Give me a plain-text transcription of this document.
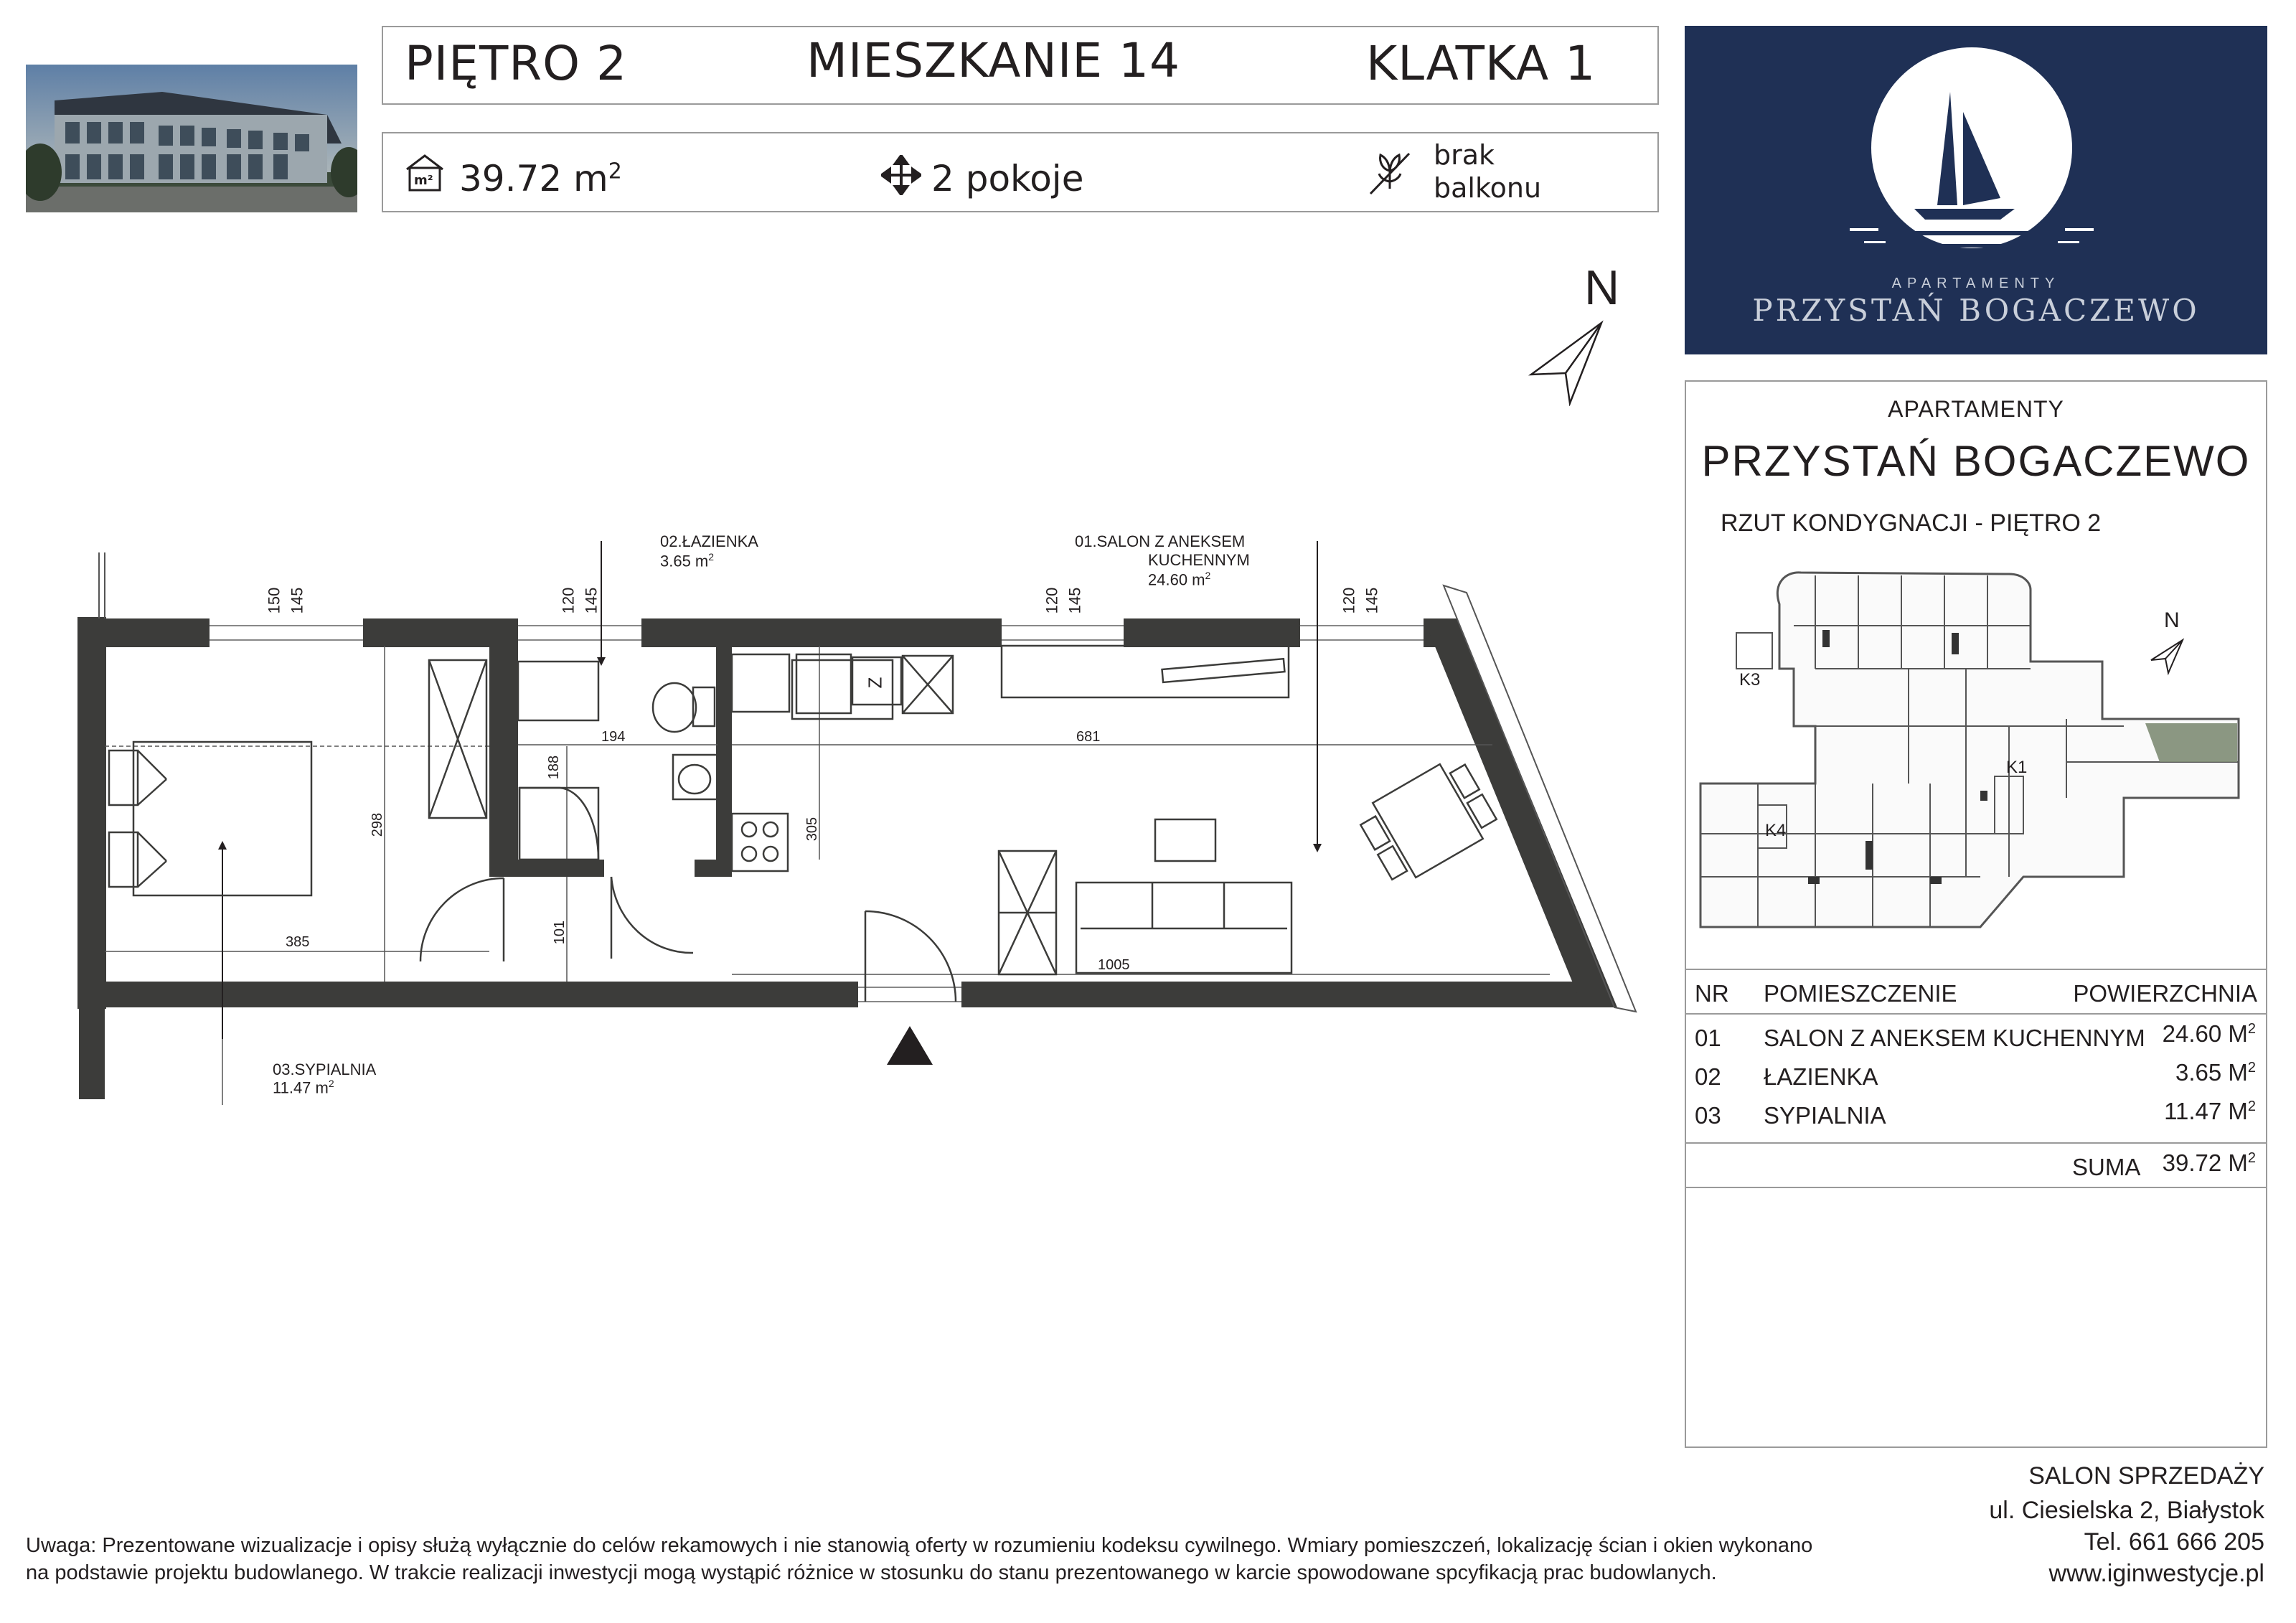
PIĘTRO 2	MIESZKANIE 14	KLATKA 1
m² 39.72 $m^2$	2 pokoje
brak
balkonu
APARTAMENTY
PRZYSTAŃ BOGACZEWO
APARTAMENTY
PRZYSTAŃ BOGACZEWO
RZUT KONDYGNACJI - PIĘTRO 2
K3
K1
K4
N
NR POMIESZCZENIE	POWIERZCHNIA
01 SALON Z ANEKSEM KUCHENNYM 24.60 $M^2$
02 ŁAZIENKA	3.65 $M^2$
03 SYPIALNIA	11.47 $M^2$
SUMA 39.72 $M^2$
N
02.ŁAZIENKA
3.65 $m^2$
01.SALON Z ANEKSEM
KUCHENNYM
24.60 $m^2$
03.SYPIALNIA
11.47 $m^2$
Z
150 145	120 145	120 145	120 145
194	681
188
298	305
101
385
1005
Uwaga: Prezentowane wizualizacje i opisy służą wyłącznie do celów rekamowych i nie stanowią oferty w rozumieniu kodeksu cywilnego. Wmiary pomieszczeń, lokalizację ścian i okien wykonano
na podstawie projektu budowlanego. W trakcie realizacji inwestycji mogą wystąpić różnice w stosunku do stanu prezentowanego w karcie spowodowane spcyfikacją prac budowlanych.
SALON SPRZEDAŻY
ul. Ciesielska 2, Białystok
Tel. 661 666 205
www.iginwestycje.pl
